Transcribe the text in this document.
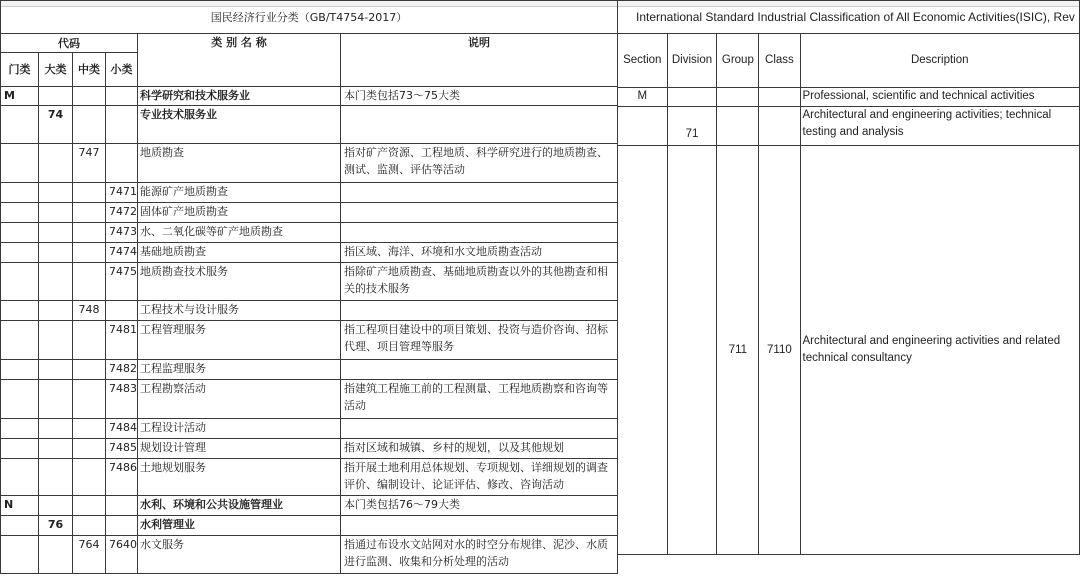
国民经济行业分类（GB/T4754-2017）					
代码				类 别 名 称	说明
门类	大类	中类	小类		
M				科学研究和技术服务业	本门类包括73～75大类
	74			专业技术服务业	
		747		地质勘查	指对矿产资源、工程地质、科学研究进行的地质勘查、测试、监测、评估等活动
			7471	能源矿产地质勘查	
			7472	固体矿产地质勘查	
			7473	水、二氧化碳等矿产地质勘查	
			7474	基础地质勘查	指区域、海洋、环境和水文地质勘查活动
			7475	地质勘查技术服务	指除矿产地质勘查、基础地质勘查以外的其他勘查和相关的技术服务
		748		工程技术与设计服务	
			7481	工程管理服务	指工程项目建设中的项目策划、投资与造价咨询、招标代理、项目管理等服务
			7482	工程监理服务	
			7483	工程勘察活动	指建筑工程施工前的工程测量、工程地质勘察和咨询等活动
			7484	工程设计活动	
			7485	规划设计管理	指对区域和城镇、乡村的规划，以及其他规划
			7486	土地规划服务	指开展土地利用总体规划、专项规划、详细规划的调查评价、编制设计、论证评估、修改、咨询活动
N				水利、环境和公共设施管理业	本门类包括76～79大类
	76			水利管理业	
		764	7640	水文服务	指通过布设水文站网对水的时空分布规律、泥沙、水质进行监测、收集和分析处理的活动
International Standard Industrial Classification of All Economic Activities(ISIC), Rev				
Section	Division	Group	Class	Description
M				Professional, scientific and technical activities
	71			Architectural and engineering activities; technical testing and analysis
		711	7110	Architectural and engineering activities and related technical consultancy
